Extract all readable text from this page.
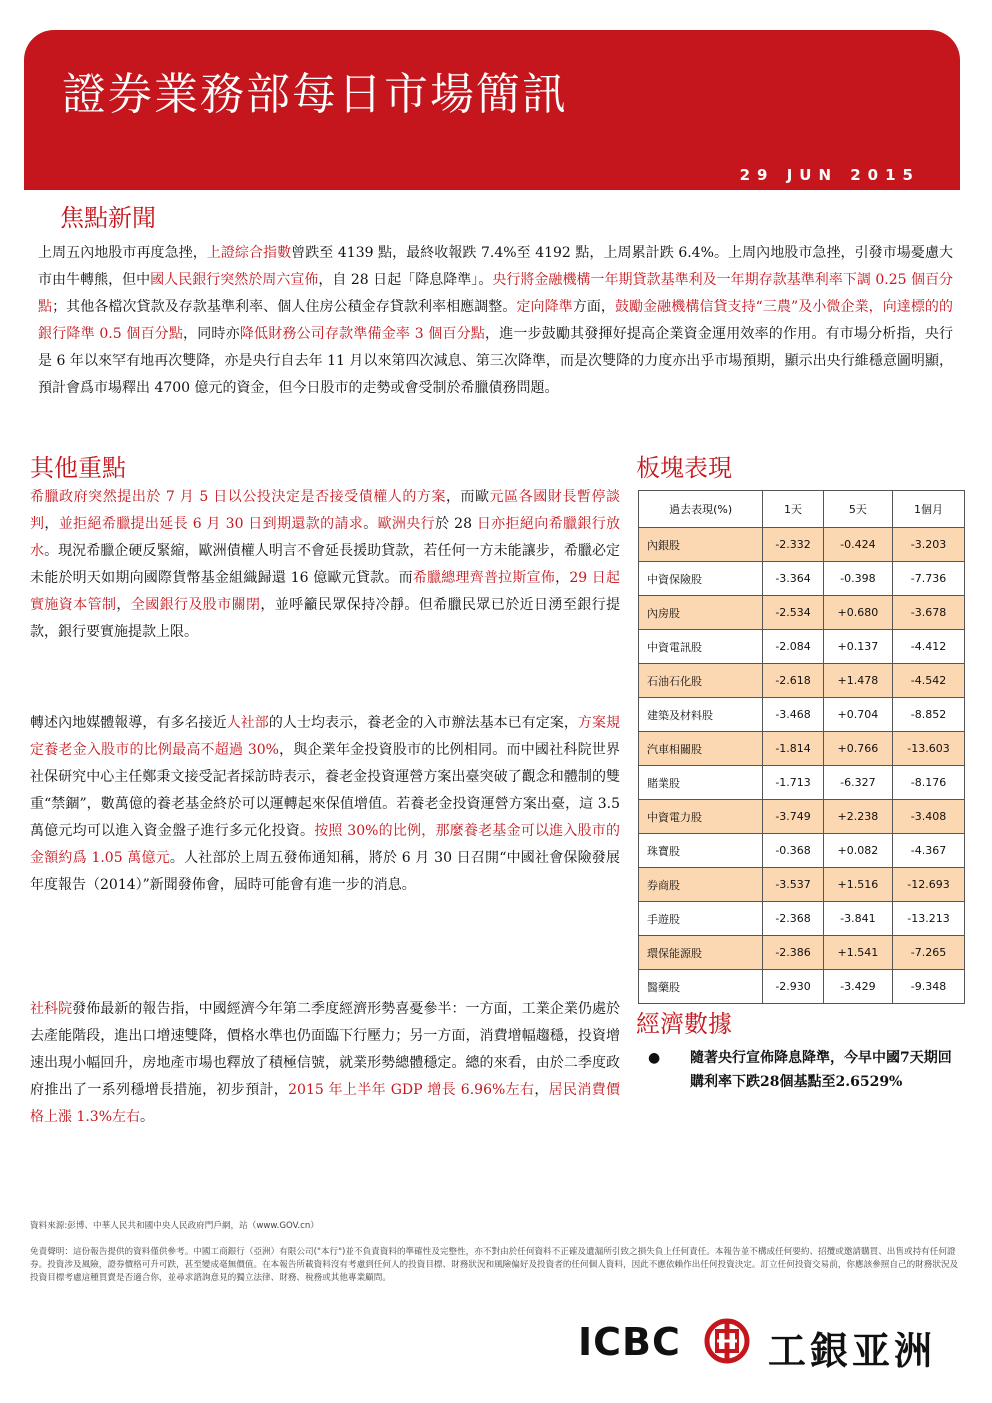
證券業務部每日市場簡訊
29 JUN 2015
焦點新聞
上周五內地股市再度急挫，上證綜合指數曾跌至 4139 點，最終收報跌 7.4%至 4192 點，上周累計跌 6.4%。上周內地股市急挫，引發市場憂慮大市由牛轉熊，但中國人民銀行突然於周六宣佈，自 28 日起「降息降準」。央行將金融機構一年期貸款基準利及一年期存款基準利率下調 0.25 個百分點；其他各檔次貸款及存款基準利率、個人住房公積金存貸款利率相應調整。定向降準方面，鼓勵金融機構信貸支持“三農”及小微企業，向達標的的銀行降準 0.5 個百分點，同時亦降低財務公司存款準備金率 3 個百分點，進一步鼓勵其發揮好提高企業資金運用效率的作用。有市場分析指，央行是 6 年以來罕有地再次雙降，亦是央行自去年 11 月以來第四次減息、第三次降準，而是次雙降的力度亦出乎市場預期，顯示出央行維穩意圖明顯，預計會爲市場釋出 4700 億元的資金，但今日股市的走勢或會受制於希臘債務問題。
其他重點
希臘政府突然提出於 7 月 5 日以公投決定是否接受債權人的方案，而歐元區各國財長暫停談判，並拒絕希臘提出延長 6 月 30 日到期還款的請求。歐洲央行於 28 日亦拒絕向希臘銀行放水。現況希臘企硬反緊縮，歐洲債權人明言不會延長援助貸款，若任何一方未能讓步，希臘必定未能於明天如期向國際貨幣基金組織歸還 16 億歐元貸款。而希臘總理齊普拉斯宣佈，29 日起實施資本管制，全國銀行及股市關閉，並呼籲民眾保持冷靜。但希臘民眾已於近日湧至銀行提款，銀行要實施提款上限。
轉述內地媒體報導，有多名接近人社部的人士均表示，養老金的入市辦法基本已有定案，方案規定養老金入股市的比例最高不超過 30%，與企業年金投資股市的比例相同。而中國社科院世界社保研究中心主任鄭秉文接受記者採訪時表示，養老金投資運營方案出臺突破了觀念和體制的雙重“禁錮”，數萬億的養老基金終於可以運轉起來保值增值。若養老金投資運營方案出臺，這 3.5 萬億元均可以進入資金盤子進行多元化投資。按照 30%的比例，那麼養老基金可以進入股市的金額約爲 1.05 萬億元。人社部於上周五發佈通知稱，將於 6 月 30 日召開“中國社會保險發展年度報告（2014）”新聞發佈會，屆時可能會有進一步的消息。
社科院發佈最新的報告指，中國經濟今年第二季度經濟形勢喜憂參半：一方面，工業企業仍處於去產能階段，進出口增速雙降，價格水準也仍面臨下行壓力；另一方面，消費增幅趨穩，投資增速出現小幅回升，房地產市場也釋放了積極信號，就業形勢總體穩定。總的來看，由於二季度政府推出了一系列穩增長措施，初步預計，2015 年上半年 GDP 增長 6.96%左右，居民消費價格上漲 1.3%左右。
板塊表現
過去表現(%)	1天	5天	1個月
內銀股	-2.332	-0.424	-3.203
中資保險股	-3.364	-0.398	-7.736
內房股	-2.534	+0.680	-3.678
中資電訊股	-2.084	+0.137	-4.412
石油石化股	-2.618	+1.478	-4.542
建築及材料股	-3.468	+0.704	-8.852
汽車相關股	-1.814	+0.766	-13.603
賭業股	-1.713	-6.327	-8.176
中資電力股	-3.749	+2.238	-3.408
珠寶股	-0.368	+0.082	-4.367
券商股	-3.537	+1.516	-12.693
手遊股	-2.368	-3.841	-13.213
環保能源股	-2.386	+1.541	-7.265
醫藥股	-2.930	-3.429	-9.348
經濟數據
● 隨著央行宣佈降息降準，今早中國7天期回購利率下跌28個基點至2.6529%
資料來源:彭博、中華人民共和國中央人民政府門戶網，站（www.GOV.cn）
免責聲明：這份報告提供的資料僅供參考。中國工商銀行（亞洲）有限公司("本行")並不負責資料的準確性及完整性，亦不對由於任何資料不正確及遺漏所引致之損失負上任何責任。本報告並不構成任何要約、招攬或邀請購買、出售或持有任何證券。投資涉及風險，證券價格可升可跌，甚至變成毫無價值。在本報告所載資料沒有考慮到任何人的投資目標、財務狀況和風險偏好及投資者的任何個人資料，因此不應依賴作出任何投資決定。訂立任何投資交易前，你應該參照自己的財務狀況及投資目標考慮這種買賣是否適合你，並尋求諮詢意見的獨立法律、財務、稅務或其他專業顧問。
ICBC 工銀亚洲
